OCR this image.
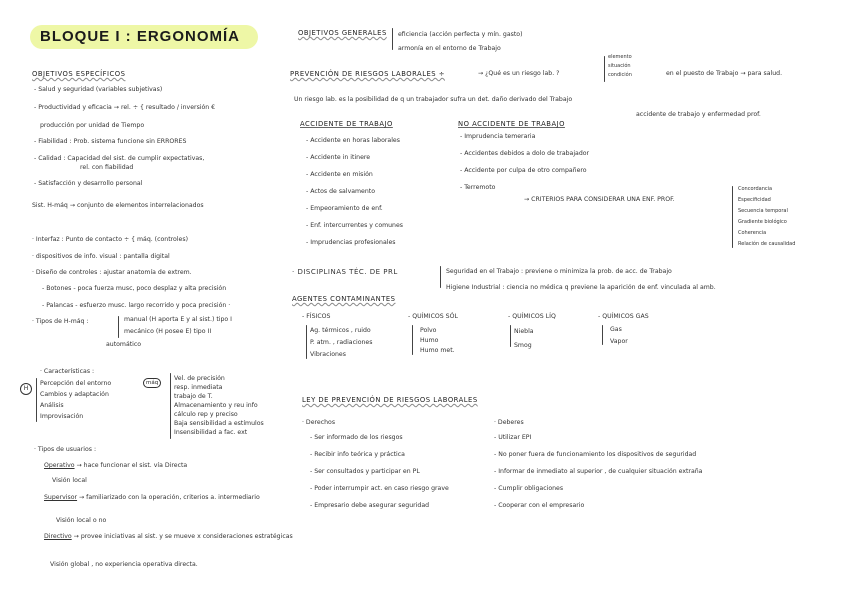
BLOQUE I : ERGONOMÍA
OBJETIVOS ESPECÍFICOS
- Salud y seguridad (variables subjetivas)
- Productividad y eficacia → rel. ÷ { resultado / inversión €
producción por unidad de Tiempo
- Fiabilidad : Prob. sistema funcione sin ERRORES
- Calidad : Capacidad del sist. de cumplir expectativas,
rel. con fiabilidad
- Satisfacción y desarrollo personal
Sist. H-máq → conjunto de elementos interrelacionados
· Interfaz : Punto de contacto ÷ { máq. (controles)
· dispositivos de info. visual : pantalla digital
· Diseño de controles : ajustar anatomía de extrem.
- Botones - poca fuerza musc, poco desplaz y alta precisión
- Palancas - esfuerzo musc. largo recorrido y poca precisión ·
· Tipos de H-máq :	manual (H aporta E y al sist.) tipo I
mecánico (H posee E) tipo II
automático
· Características :
H
Percepción del entorno
Cambios y adaptación
Análisis
Improvisación
máq
Vel. de precisión
resp. inmediata
trabajo de T.
Almacenamiento y reu info
cálculo rep y preciso
Baja sensibilidad a estímulos
Insensibilidad a fac. ext
· Tipos de usuarios :
Operativo → hace funcionar el sist. vía Directa
Visión local
Supervisor → familiarizado con la operación, criterios a. intermediario
Visión local o no
Directivo → provee iniciativas al sist. y se mueve x consideraciones estratégicas
Visión global , no experiencia operativa directa.
OBJETIVOS GENERALES eficiencia (acción perfecta y mín. gasto)
armonía en el entorno de Trabajo
PREVENCIÓN DE RIESGOS LABORALES ÷	→ ¿Qué es un riesgo lab. ?
elemento
situación
condición	en el puesto de Trabajo → para salud.
Un riesgo lab. es la posibilidad de q un trabajador sufra un det. daño derivado del Trabajo
accidente de trabajo y enfermedad prof.
ACCIDENTE DE TRABAJO
- Accidente en horas laborales
- Accidente in itinere
- Accidente en misión
- Actos de salvamento
- Empeoramiento de enf.
- Enf. intercurrentes y comunes
- Imprudencias profesionales
NO ACCIDENTE DE TRABAJO
- Imprudencia temeraria
- Accidentes debidos a dolo de trabajador
- Accidente por culpa de otro compañero
- Terremoto
→ CRITERIOS PARA CONSIDERAR UNA ENF. PROF.
Concordancia
Especificidad
Secuencia temporal
Gradiente biológico
Coherencia
Relación de causalidad
· DISCIPLINAS TÉC. DE PRL	Seguridad en el Trabajo : previene o minimiza la prob. de acc. de Trabajo
Higiene Industrial : ciencia no médica q previene la aparición de enf. vinculada al amb.
AGENTES CONTAMINANTES
- FÍSICOS
Ag. térmicos , ruido
P. atm. , radiaciones
Vibraciones
- QUÍMICOS SÓL
Polvo
Humo
Humo met.
- QUÍMICOS LÍQ
Niebla
Smog
- QUÍMICOS GAS
Gas
Vapor
LEY DE PREVENCIÓN DE RIESGOS LABORALES
· Derechos
- Ser informado de los riesgos
- Recibir info teórica y práctica
- Ser consultados y participar en PL
- Poder interrumpir act. en caso riesgo grave
- Empresario debe asegurar seguridad
· Deberes
- Utilizar EPI
- No poner fuera de funcionamiento los dispositivos de seguridad
- Informar de inmediato al superior , de cualquier situación extraña
- Cumplir obligaciones
- Cooperar con el empresario
